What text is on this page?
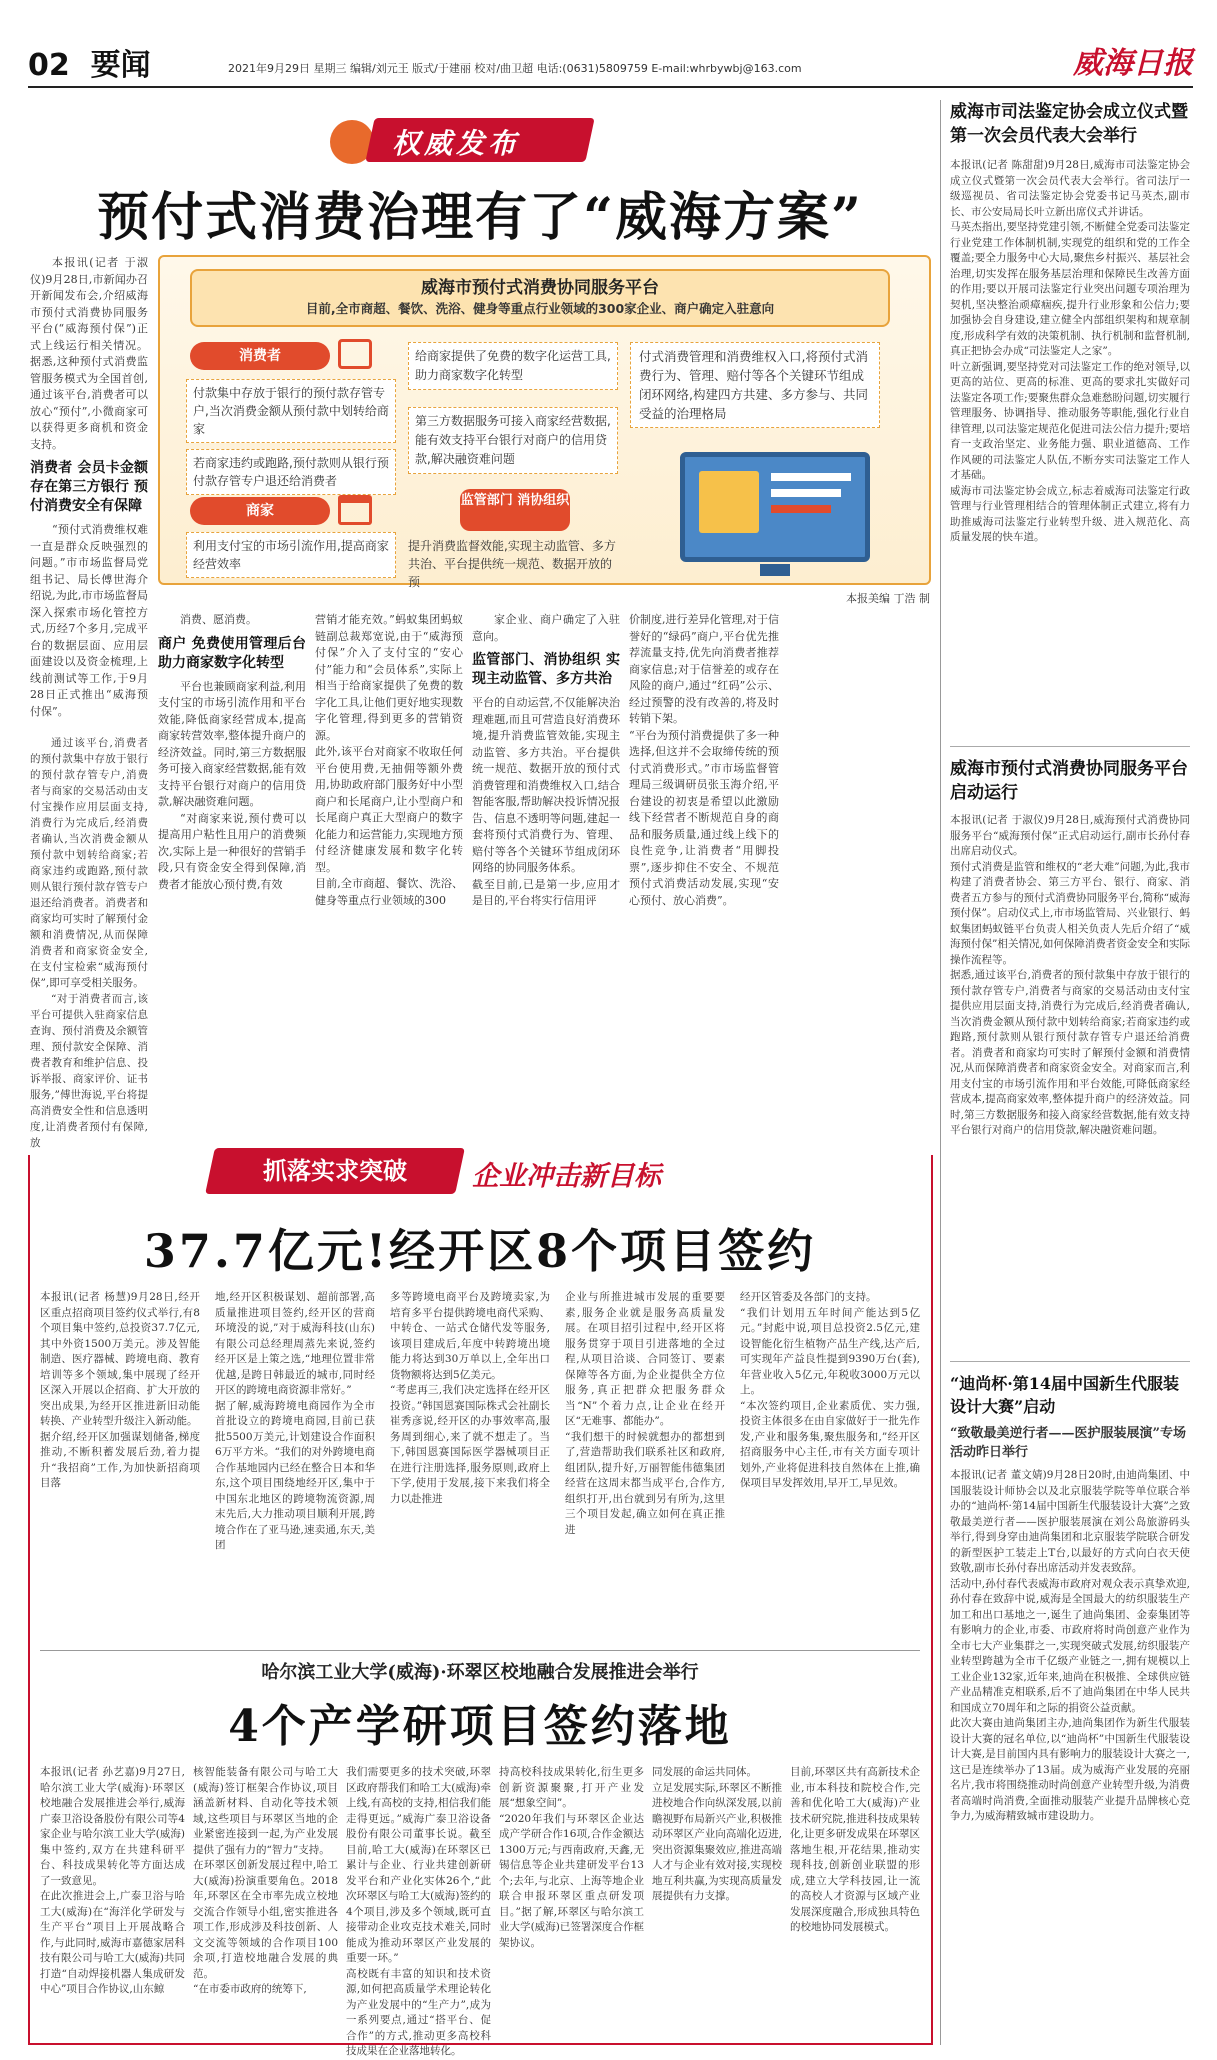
02 要闻	2021年9月29日 星期三 编辑/刘元王 版式/于建丽 校对/曲卫超 电话:(0631)5809759 E-mail:whrbywbj@163.com	威海日报
权威发布
预付式消费治理有了“威海方案”

本报讯(记者 于淑仪)9月28日,市新闻办召开新闻发布会,介绍威海市预付式消费协同服务平台(“威海预付保”)正式上线运行相关情况。据悉,这种预付式消费监管服务模式为全国首创,通过该平台,消费者可以放心“预付”,小微商家可以获得更多商机和资金支持。

消费者 会员卡金额存在第三方银行 预付消费安全有保障

“预付式消费维权难一直是群众反映强烈的问题。”市市场监督局党组书记、局长傅世海介绍说,为此,市市场监督局深入探索市场化管控方式,历经7个多月,完成平台的数据层面、应用层面建设以及资金梳理,上线前测试等工作,于9月28日正式推出“威海预付保”。

通过该平台,消费者的预付款集中存放于银行的预付款存管专户,消费者与商家的交易活动由支付宝操作应用层面支持,消费行为完成后,经消费者确认,当次消费金额从预付款中划转给商家;若商家违约或跑路,预付款则从银行预付款存管专户退还给消费者。消费者和商家均可实时了解预付金额和消费情况,从而保障消费者和商家资金安全,在支付宝检索“威海预付保”,即可享受相关服务。

“对于消费者而言,该平台可提供入驻商家信息查询、预付消费及余额管理、预付款安全保障、消费者教育和维护信息、投诉举报、商家评价、证书服务,”傅世海说,平台将提高消费安全性和信息透明度,让消费者预付有保障,放

威海市预付式消费协同服务平台
目前,全市商超、餐饮、洗浴、健身等重点行业领域的300家企业、商户确定入驻意向
消费者
付款集中存放于银行的预付款存管专户,当次消费金额从预付款中划转给商家
若商家违约或跑路,预付款则从银行预付款存管专户退还给消费者
商家
利用支付宝的市场引流作用,提高商家经营效率
给商家提供了免费的数字化运营工具,助力商家数字化转型
第三方数据服务可接入商家经营数据,能有效支持平台银行对商户的信用贷款,解决融资难问题
监管部门 消协组织
提升消费监督效能,实现主动监管、多方共治、平台提供统一规范、数据开放的预
付式消费管理和消费维权入口,将预付式消费行为、管理、赔付等各个关键环节组成闭环网络,构建四方共建、多方参与、共同受益的治理格局
本报美编 丁浩 制

消费、愿消费。

商户 免费使用管理后台 助力商家数字化转型

平台也兼顾商家利益,利用支付宝的市场引流作用和平台效能,降低商家经营成本,提高商家转营效率,整体提升商户的经济效益。同时,第三方数据服务可接入商家经营数据,能有效支持平台银行对商户的信用贷款,解决融资难问题。

“对商家来说,预付费可以提高用户粘性且用户的消费频次,实际上是一种很好的营销手段,只有资金安全得到保障,消费者才能放心预付费,有效

营销才能充效。”蚂蚁集团蚂蚁链副总裁郑宽说,由于“威海预付保”介入了支付宝的“安心付”能力和“会员体系”,实际上相当于给商家提供了免费的数字化工具,让他们更好地实现数字化管理,得到更多的营销资源。
此外,该平台对商家不收取任何平台使用费,无抽佣等额外费用,协助政府部门服务好中小型商户和长尾商户,让小型商户和长尾商户真正大型商户的数字化能力和运营能力,实现地方预付经济健康发展和数字化转型。
目前,全市商超、餐饮、洗浴、健身等重点行业领域的300

家企业、商户确定了入驻意向。

监管部门、消协组织 实现主动监管、多方共治
平台的自动运营,不仅能解决治理难题,而且可营造良好消费环境,提升消费监管效能,实现主动监管、多方共治。平台提供统一规范、数据开放的预付式消费管理和消费维权入口,结合智能客服,帮助解决投诉情况报告、信息不透明等问题,建起一套将预付式消费行为、管理、赔付等各个关键环节组成闭环网络的协同服务体系。
截至目前,已是第一步,应用才是目的,平台将实行信用评
价制度,进行差异化管理,对于信誉好的“绿码”商户,平台优先推荐流量支持,优先向消费者推荐商家信息;对于信誉差的或存在风险的商户,通过“红码”公示、经过预警的没有改善的,将及时转销下架。
“平台为预付消费提供了多一种选择,但这并不会取缔传统的预付式消费形式。”市市场监督管理局三级调研员张玉海介绍,平台建设的初衷是希望以此激励线下经营者不断规范自身的商品和服务质量,通过线上线下的良性竞争,让消费者“用脚投票”,逐步抑住不安全、不规范预付式消费活动发展,实现“安心预付、放心消费”。
威海市司法鉴定协会成立仪式暨第一次会员代表大会举行
本报讯(记者 陈甜甜)9月28日,威海市司法鉴定协会成立仪式暨第一次会员代表大会举行。省司法厅一级巡视员、省司法鉴定协会党委书记马英杰,副市长、市公安局局长叶立新出席仪式并讲话。
马英杰指出,要坚持党建引领,不断健全党委司法鉴定行业党建工作体制机制,实现党的组织和党的工作全覆盖;要全力服务中心大局,聚焦乡村振兴、基层社会治理,切实发挥在服务基层治理和保障民生改善方面的作用;要以开展司法鉴定行业突出问题专项治理为契机,坚决整治顽瘴痼疾,提升行业形象和公信力;要加强协会自身建设,建立健全内部组织架构和规章制度,形成科学有效的决策机制、执行机制和监督机制,真正把协会办成“司法鉴定人之家”。
叶立新强调,要坚持党对司法鉴定工作的绝对领导,以更高的站位、更高的标准、更高的要求扎实做好司法鉴定各项工作;要聚焦群众急难愁盼问题,切实履行管理服务、协调指导、推动服务等职能,强化行业自律管理,以司法鉴定规范化促进司法公信力提升;要培育一支政治坚定、业务能力强、职业道德高、工作作风硬的司法鉴定人队伍,不断夯实司法鉴定工作人才基础。
威海市司法鉴定协会成立,标志着威海司法鉴定行政管理与行业管理相结合的管理体制正式建立,将有力助推威海司法鉴定行业转型升级、进入规范化、高质量发展的快车道。
威海市预付式消费协同服务平台启动运行
本报讯(记者 于淑仪)9月28日,威海预付式消费协同服务平台“威海预付保”正式启动运行,副市长孙付春出席启动仪式。
预付式消费是监管和维权的“老大难”问题,为此,我市构建了消费者协会、第三方平台、银行、商家、消费者五方参与的预付式消费协同服务平台,简称“威海预付保”。启动仪式上,市市场监管局、兴业银行、蚂蚁集团蚂蚁链平台负责人相关负责人先后介绍了“威海预付保”相关情况,如何保障消费者资金安全和实际操作流程等。
据悉,通过该平台,消费者的预付款集中存放于银行的预付款存管专户,消费者与商家的交易活动由支付宝提供应用层面支持,消费行为完成后,经消费者确认,当次消费金额从预付款中划转给商家;若商家违约或跑路,预付款则从银行预付款存管专户退还给消费者。消费者和商家均可实时了解预付金额和消费情况,从而保障消费者和商家资金安全。对商家而言,利用支付宝的市场引流作用和平台效能,可降低商家经营成本,提高商家效率,整体提升商户的经济效益。同时,第三方数据服务和接入商家经营数据,能有效支持平台银行对商户的信用贷款,解决融资难问题。
“迪尚杯·第14届中国新生代服装设计大赛”启动
“致敬最美逆行者——医护服装展演”专场活动昨日举行
本报讯(记者 董文婧)9月28日20时,由迪尚集团、中国服装设计师协会以及北京服装学院等单位联合举办的“迪尚杯·第14届中国新生代服装设计大赛”之致敬最美逆行者——医护服装展演在刘公岛旅游码头举行,得到身穿由迪尚集团和北京服装学院联合研发的新型医护工装走上T台,以最好的方式向白衣天使致敬,副市长孙付春出席活动并发表致辞。
活动中,孙付春代表威海市政府对观众表示真挚欢迎,孙付春在致辞中说,威海是全国最大的纺织服装生产加工和出口基地之一,诞生了迪尚集团、金泰集团等有影响力的企业,市委、市政府将时尚创意产业作为全市七大产业集群之一,实现突破式发展,纺织服装产业转型跨越为全市千亿级产业链之一,拥有规模以上工业企业132家,近年来,迪尚在积极推、全球供应链产业品精准克相联系,后不了迪尚集团在中华人民共和国成立70周年和之际的捐资公益贡献。
此次大赛由迪尚集团主办,迪尚集团作为新生代服装设计大赛的冠名单位,以“迪尚杯”中国新生代服装设计大赛,是目前国内具有影响力的服装设计大赛之一,这已是连续举办了13届。成为威海产业发展的亮丽名片,我市将围绕推动时尚创意产业转型升级,为消费者高端时尚消费,全面推动服装产业提升品牌核心竞争力,为威海精致城市建设助力。
抓落实求突破	企业冲击新目标
37.7亿元!经开区8个项目签约
本报讯(记者 杨慧)9月28日,经开区重点招商项目签约仪式举行,有8个项目集中签约,总投资37.7亿元,其中外资1500万美元。涉及智能制造、医疗器械、跨境电商、教育培训等多个领域,集中展现了经开区深入开展以企招商、扩大开放的突出成果,为经开区推进新旧动能转换、产业转型升级注入新动能。
据介绍,经开区加强谋划储备,梯度推动,不断积蓄发展后劲,着力提升“我招商”工作,为加快新招商项目落
地,经开区积极谋划、超前部署,高质量推进项目签约,经开区的营商环境没的说,”对于威海科技(山东)有限公司总经理周蒸先来说,签约经开区是上策之选,“地理位置非常优越,是跨日韩最近的城市,同时经开区的跨境电商资源非常好。”
据了解,威海跨境电商园作为全市首批设立的跨境电商园,目前已获批5500万美元,计划建设合作面积6万平方米。“我们的对外跨境电商合作基地园内已经在整合日本和华东,这个项目围绕地经开区,集中于中国东北地区的跨境物流资源,周末先后,大力推动项目顺利开展,跨境合作在了亚马逊,速卖通,东天,美团
多等跨境电商平台及跨境卖家,为培育多平台提供跨境电商代采购、中转仓、一站式仓储代发等服务,该项目建成后,年度中转跨境出境能力将达到30万单以上,全年出口货物额将达到5亿美元。
“考虑再三,我们决定选择在经开区投资。”韩国恩赛国际株式会社副长崔秀彦说,经开区的办事效率高,服务周到细心,来了就不想走了。当下,韩国恩赛国际医学器械项目正在进行注册选择,服务原则,政府上下学,使用于发展,接下来我们将全力以赴推进
企业与所推进城市发展的重要要素,服务企业就是服务高质量发展。在项目招引过程中,经开区将服务贯穿于项目引进落地的全过程,从项目洽谈、合同签订、要素保障等各方面,为企业提供全方位服务,真正把群众把服务群众当“N”个着力点,让企业在经开区“无难事、都能办”。
“我们想干的时候就想办的都想到了,营造帮助我们联系社区和政府,组团队,提升好,万丽智能伟德集团经营在这周末都当成平台,合作方,组织打开,出台就到另有所为,这里三个项目发起,确立如何在真正推进
经开区管委及各部门的支持。
“我们计划用五年时间产能达到5亿元。”封彪中说,项目总投资2.5亿元,建设智能化衍生植物产品生产线,达产后,可实现年产益良性提到9390万台(套),年营业收入5亿元,年税收3000万元以上。
“本次签约项目,企业素质优、实力强,投资主体很多在由自家做好于一批先作发,产业和服务集,聚焦服务和,”经开区招商服务中心主任,市有关方面专项计划外,产业将促进科技自然体在上推,确保项目早发挥效用,早开工,早见效。
哈尔滨工业大学(威海)·环翠区校地融合发展推进会举行
4个产学研项目签约落地
本报讯(记者 孙艺嘉)9月27日,哈尔滨工业大学(威海)·环翠区校地融合发展推进会举行,威海广泰卫浴设备股份有限公司等4家企业与哈尔滨工业大学(威海)集中签约,双方在共建科研平台、科技成果转化等方面达成了一致意见。
在此次推进会上,广泰卫浴与哈工大(威海)在“海洋化学研发与生产平台”项目上开展战略合作,与此同时,威海市嘉德家居科技有限公司与哈工大(威海)共同打造“自动焊接机器人集成研发中心”项目合作协议,山东鲸
核智能装备有限公司与哈工大(威海)签订框架合作协议,项目涵盖新材料、自动化等技术领域,这些项目与环翠区当地的企业紧密连接到一起,为产业发展提供了强有力的“智力”支持。
在环翠区创新发展过程中,哈工大(威海)扮演重要角色。2018年,环翠区在全市率先成立校地交流合作领导小组,密实推进各项工作,形成涉及科技创新、人文交流等领域的合作项目100余项,打造校地融合发展的典范。
“在市委市政府的统筹下,
我们需要更多的技术突破,环翠区政府帮我们和哈工大(威海)牵上线,有高校的支持,相信我们能走得更远。”威海广泰卫浴设备股份有限公司董事长说。截至目前,哈工大(威海)在环翠区已累计与企业、行业共建创新研发平台和产业化实体26个,“此次环翠区与哈工大(威海)签约的4个项目,涉及多个领域,既可直接带动企业攻克技术难关,同时能成为推动环翠区产业发展的重要一环。”
高校既有丰富的知识和技术资源,如何把高质量学术理论转化为产业发展中的“生产力”,成为一系列要点,通过“搭平台、促合作”的方式,推动更多高校科技成果在企业落地转化。
持高校科技成果转化,衍生更多创新资源聚聚,打开产业发展“想象空间”。
“2020年我们与环翠区企业达成产学研合作16项,合作金额达1300万元;与西南政府,天鑫,无锡信息等企业共建研发平台13个;去年,与北京、上海等地企业联合申报环翠区重点研发项目。”据了解,环翠区与哈尔滨工业大学(威海)已签署深度合作框架协议。
同发展的命运共同体。
立足发展实际,环翠区不断推进校地合作向纵深发展,以前瞻视野布局新兴产业,积极推动环翠区产业向高端化迈进,突出资源集聚效应,推进高端人才与企业有效对接,实现校地互利共赢,为实现高质量发展提供有力支撑。
目前,环翠区共有高新技术企业,市本科技和院校合作,完善和优化哈工大(威海)产业技术研究院,推进科技成果转化,让更多研发成果在环翠区落地生根,开花结果,推动实现科技,创新创业联盟的形成,建立大学科技园,让一流的高校人才资源与区域产业发展深度融合,形成独具特色的校地协同发展模式。
